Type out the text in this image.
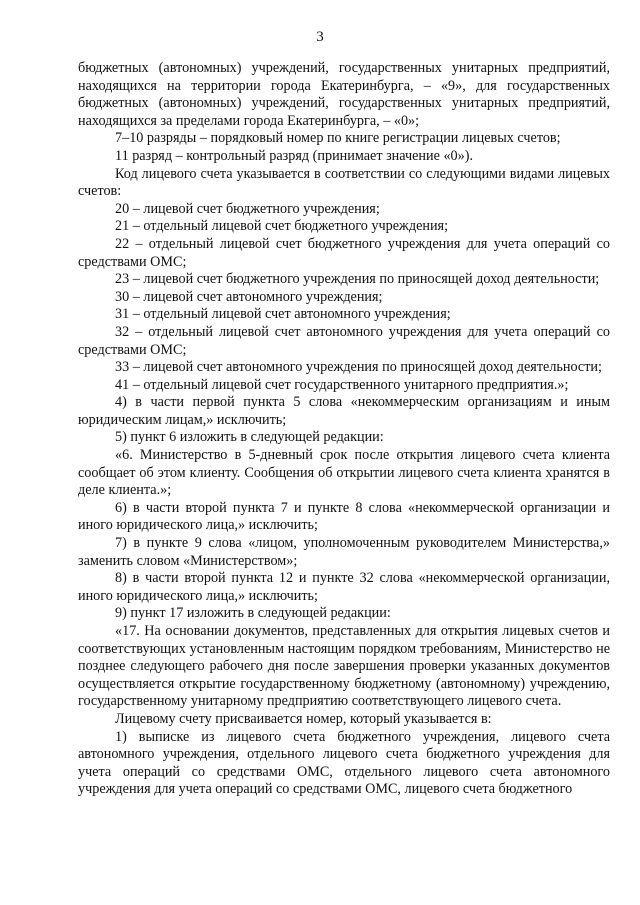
3

бюджетных (автономных) учреждений, государственных унитарных предприятий, находящихся на территории города Екатеринбурга, – «9», для государственных бюджетных (автономных) учреждений, государственных унитарных предприятий, находящихся за пределами города Екатеринбурга, – «0»;

7–10 разряды – порядковый номер по книге регистрации лицевых счетов;

11 разряд – контрольный разряд (принимает значение «0»).

Код лицевого счета указывается в соответствии со следующими видами лицевых счетов:

20 – лицевой счет бюджетного учреждения;

21 – отдельный лицевой счет бюджетного учреждения;

22 – отдельный лицевой счет бюджетного учреждения для учета операций со средствами ОМС;

23 – лицевой счет бюджетного учреждения по приносящей доход деятельности;

30 – лицевой счет автономного учреждения;

31 – отдельный лицевой счет автономного учреждения;

32 – отдельный лицевой счет автономного учреждения для учета операций со средствами ОМС;

33 – лицевой счет автономного учреждения по приносящей доход деятельности;

41 – отдельный лицевой счет государственного унитарного предприятия.»;

4) в части первой пункта 5 слова «некоммерческим организациям и иным юридическим лицам,» исключить;

5) пункт 6 изложить в следующей редакции:

«6. Министерство в 5-дневный срок после открытия лицевого счета клиента сообщает об этом клиенту. Сообщения об открытии лицевого счета клиента хранятся в деле клиента.»;

6) в части второй пункта 7 и пункте 8 слова «некоммерческой организации и иного юридического лица,» исключить;

7) в пункте 9 слова «лицом, уполномоченным руководителем Министерства,» заменить словом «Министерством»;

8) в части второй пункта 12 и пункте 32 слова «некоммерческой организации, иного юридического лица,» исключить;

9) пункт 17 изложить в следующей редакции:

«17. На основании документов, представленных для открытия лицевых счетов и соответствующих установленным настоящим порядком требованиям, Министерство не позднее следующего рабочего дня после завершения проверки указанных документов осуществляется открытие государственному бюджетному (автономному) учреждению, государственному унитарному предприятию соответствующего лицевого счета.

Лицевому счету присваивается номер, который указывается в:

1) выписке из лицевого счета бюджетного учреждения, лицевого счета автономного учреждения, отдельного лицевого счета бюджетного учреждения для учета операций со средствами ОМС, отдельного лицевого счета автономного учреждения для учета операций со средствами ОМС, лицевого счета бюджетного
